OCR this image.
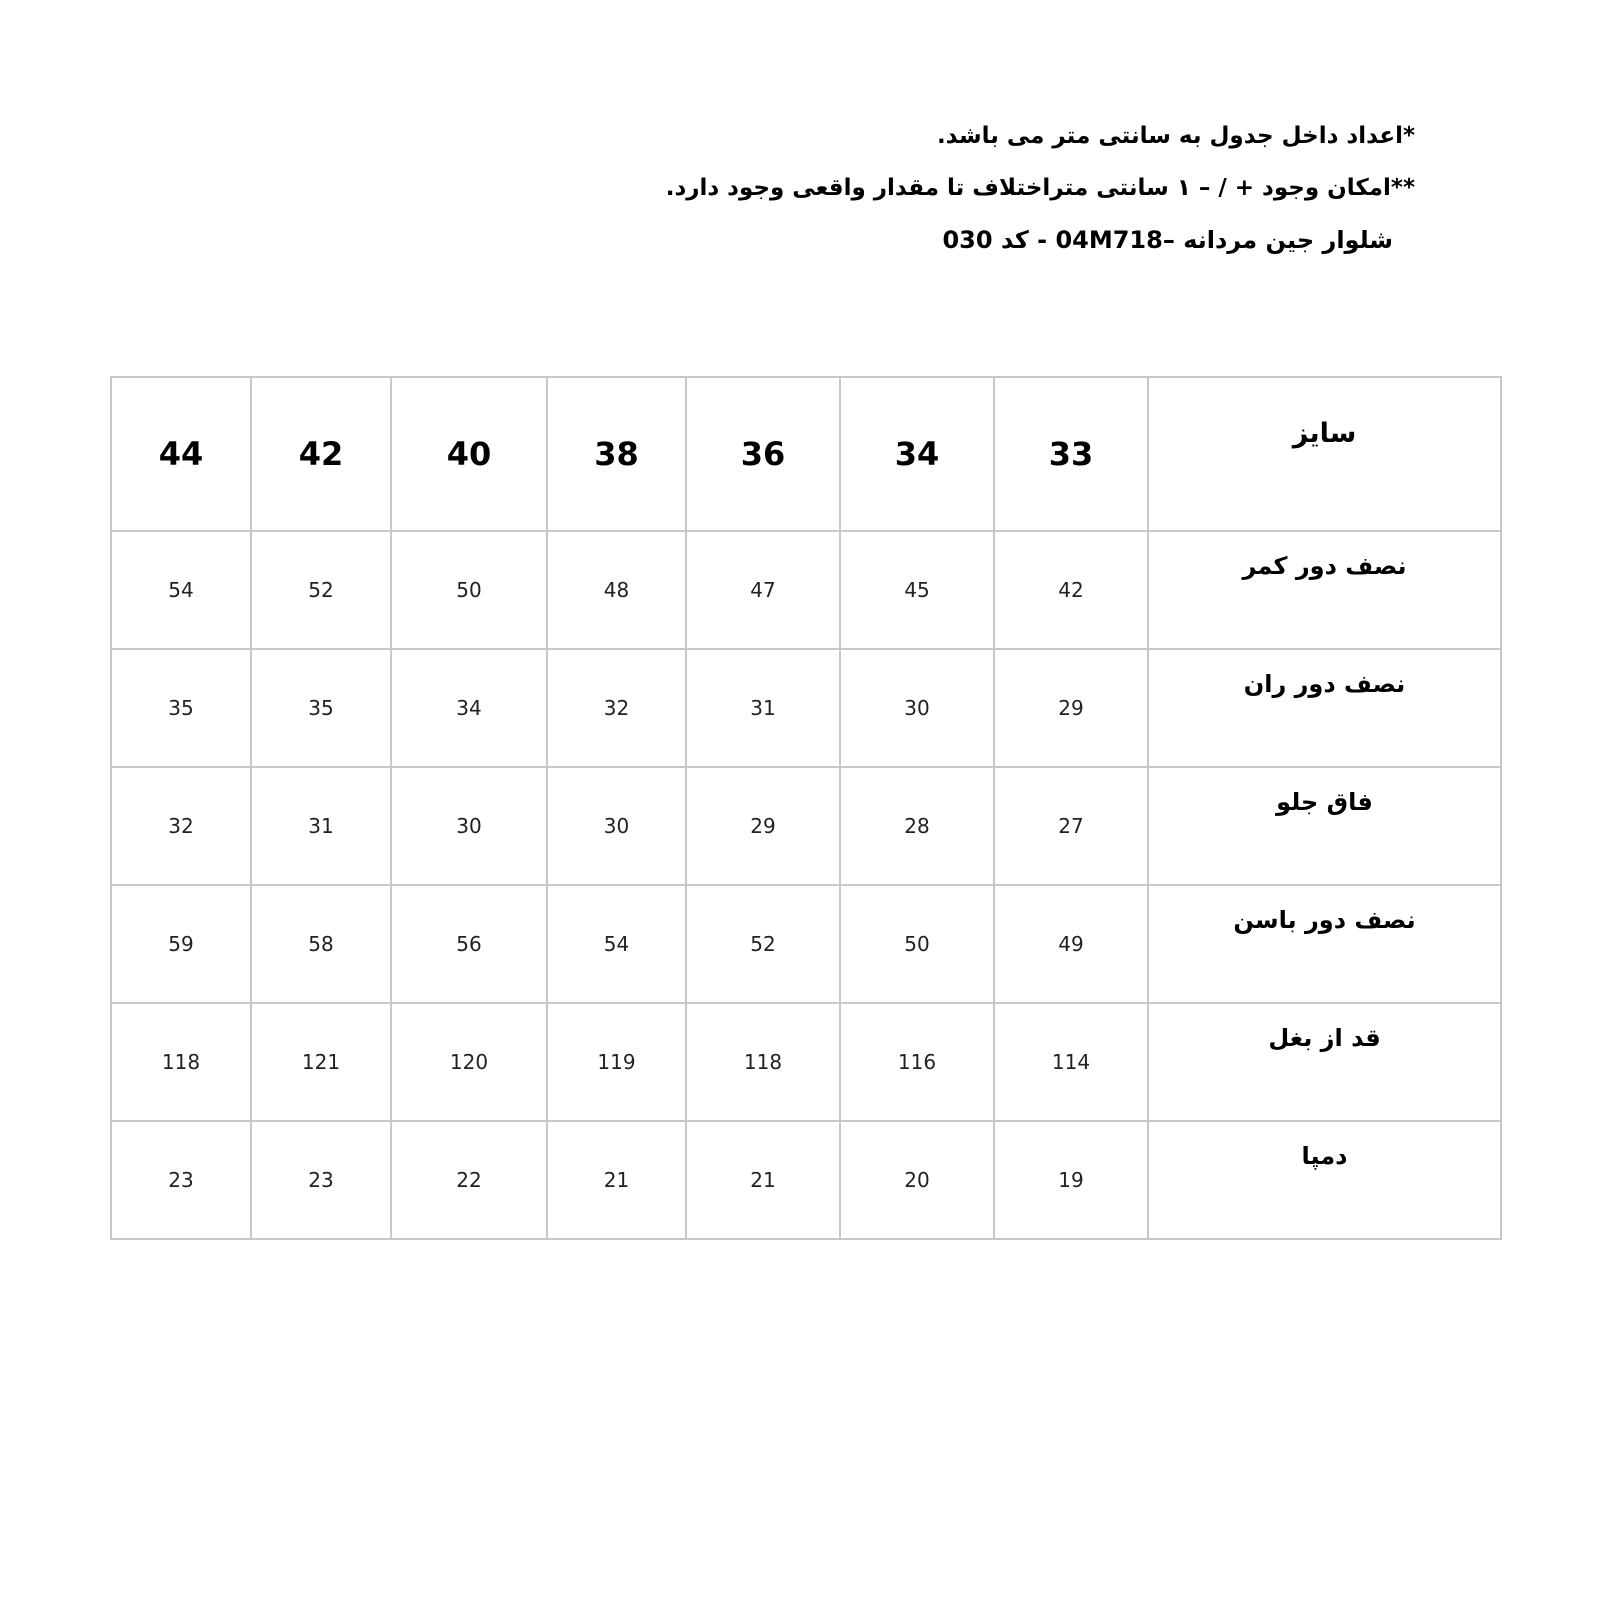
*اعداد داخل جدول به سانتی متر می باشد.
**امکان وجود + / – ۱ سانتی متراختلاف تا مقدار واقعی وجود دارد.
شلوار جین مردانه –04M718 - کد 030
44	42	40	38	36	34	33	سایز
54	52	50	48	47	45	42	نصف دور کمر
35	35	34	32	31	30	29	نصف دور ران
32	31	30	30	29	28	27	فاق جلو
59	58	56	54	52	50	49	نصف دور باسن
118	121	120	119	118	116	114	قد از بغل
23	23	22	21	21	20	19	دمپا
